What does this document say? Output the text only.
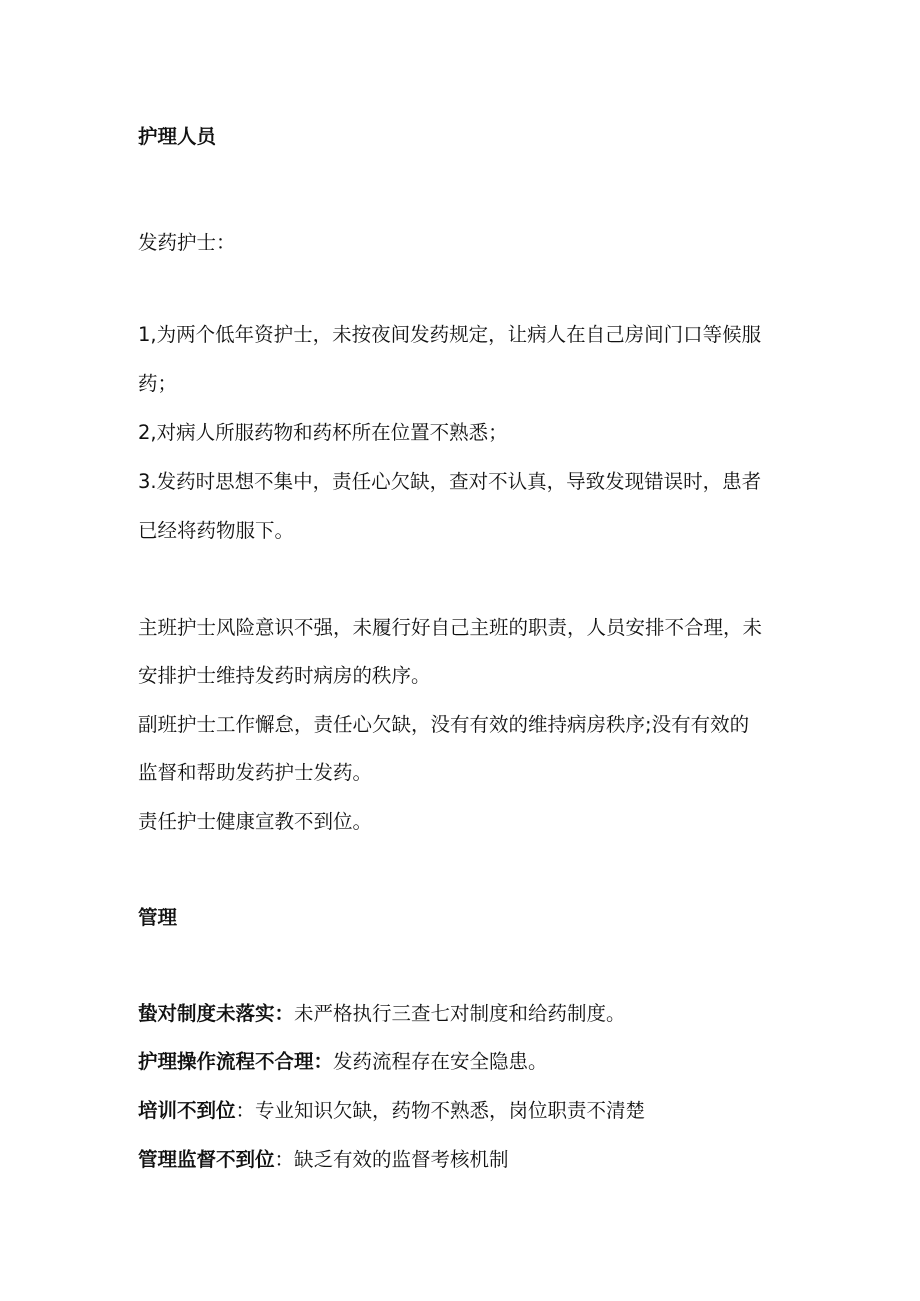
护理人员
发药护士：
1,为两个低年资护士，未按夜间发药规定，让病人在自己房间门口等候服
药；
2,对病人所服药物和药杯所在位置不熟悉；
3.发药时思想不集中，责任心欠缺，查对不认真，导致发现错误时，患者
已经将药物服下。
主班护士风险意识不强，未履行好自己主班的职责，人员安排不合理，未
安排护士维持发药时病房的秩序。
副班护士工作懈怠，责任心欠缺，没有有效的维持病房秩序;没有有效的
监督和帮助发药护士发药。
责任护士健康宣教不到位。
管理
蛰对制度未落实：未严格执行三查七对制度和给药制度。
护理操作流程不合理：发药流程存在安全隐患。
培训不到位：专业知识欠缺，药物不熟悉，岗位职责不清楚
管理监督不到位：缺乏有效的监督考核机制
